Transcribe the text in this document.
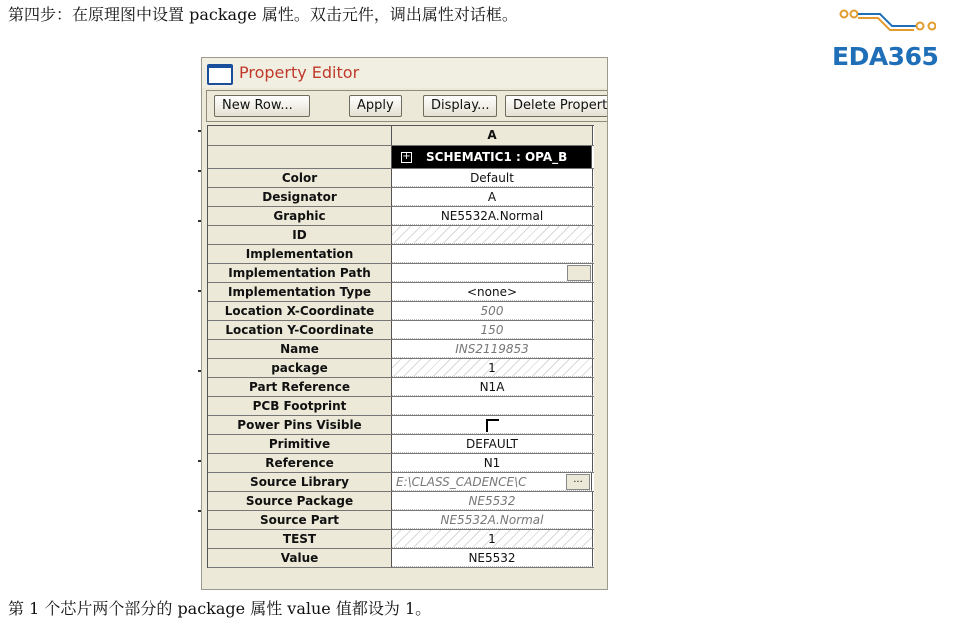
第四步：在原理图中设置 package 属性。双击元件，调出属性对话框。
EDA365
Property Editor
New Row...	Apply	Display...	Delete Propert
A
+ SCHEMATIC1 : OPA_B
Color	Default
Designator	A
Graphic	NE5532A.Normal
ID
Implementation
Implementation Path
Implementation Type	<none>
Location X-Coordinate	500
Location Y-Coordinate	150
Name	INS2119853
package	1
Part Reference	N1A
PCB Footprint
Power Pins Visible
Primitive	DEFAULT
Reference	N1
Source Library	E:\CLASS_CADENCE\C	...
Source Package	NE5532
Source Part	NE5532A.Normal
TEST	1
Value	NE5532
第 1 个芯片两个部分的 package 属性 value 值都设为 1。
